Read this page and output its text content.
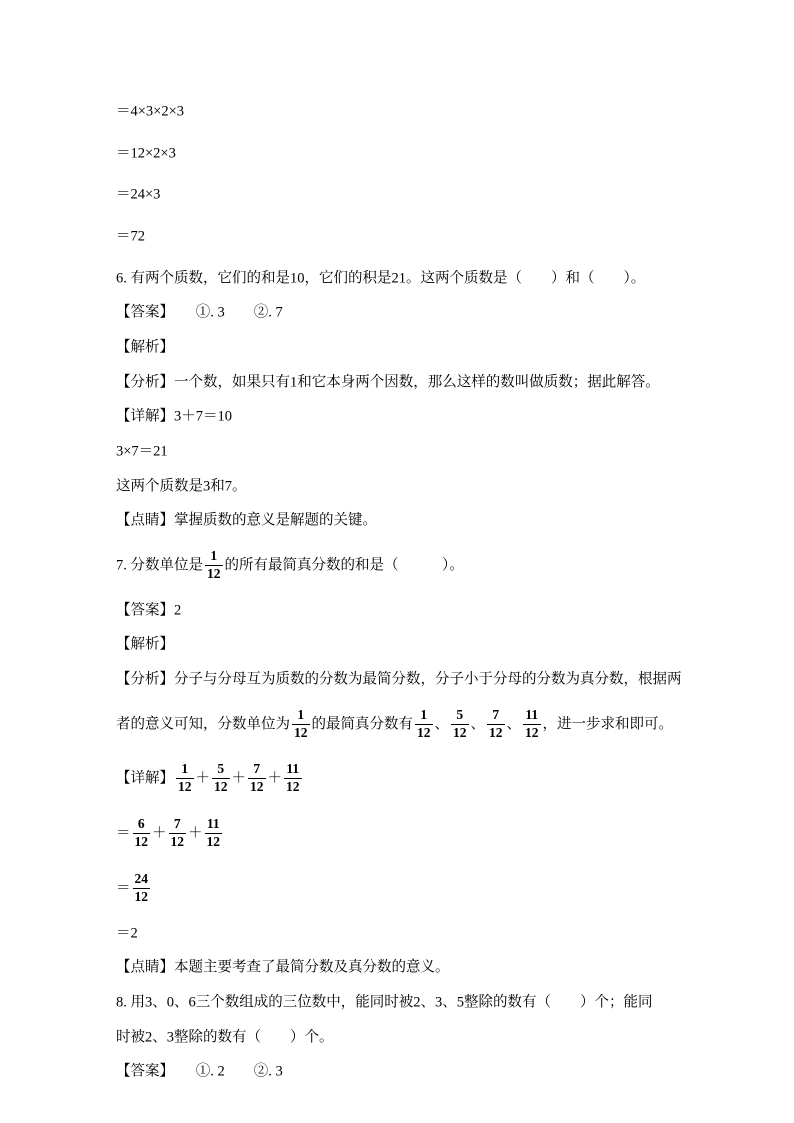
＝4×3×2×3
＝12×2×3
＝24×3
＝72
6. 有两个质数，它们的和是10，它们的积是21。这两个质数是（　　）和（　　）。
【答案】　　①. 3　　②. 7
【解析】
【分析】一个数，如果只有1和它本身两个因数，那么这样的数叫做质数；据此解答。
【详解】3＋7＝10
3×7＝21
这两个质数是3和7。
【点睛】掌握质数的意义是解题的关键。
7. 分数单位是 $\frac{1}{12}$ 的所有最简真分数的和是（　　　）。
【答案】2
【解析】
【分析】分子与分母互为质数的分数为最简分数，分子小于分母的分数为真分数，根据两
者的意义可知，分数单位为 $\frac{1}{12}$ 的最简真分数有 $\frac{1}{12}$ 、 $\frac{5}{12}$ 、 $\frac{7}{12}$ 、 $\frac{11}{12}$ ，进一步求和即可。
【详解】 $\frac{1}{12} + \frac{5}{12} + \frac{7}{12} + \frac{11}{12}$
＝ $\frac{6}{12} + \frac{7}{12} + \frac{11}{12}$
＝ $\frac{24}{12}$
＝2
【点睛】本题主要考查了最简分数及真分数的意义。
8. 用3、0、6三个数组成的三位数中，能同时被2、3、5整除的数有（　　）个；能同
时被2、3整除的数有（　　）个。
【答案】　　①. 2　　②. 3
